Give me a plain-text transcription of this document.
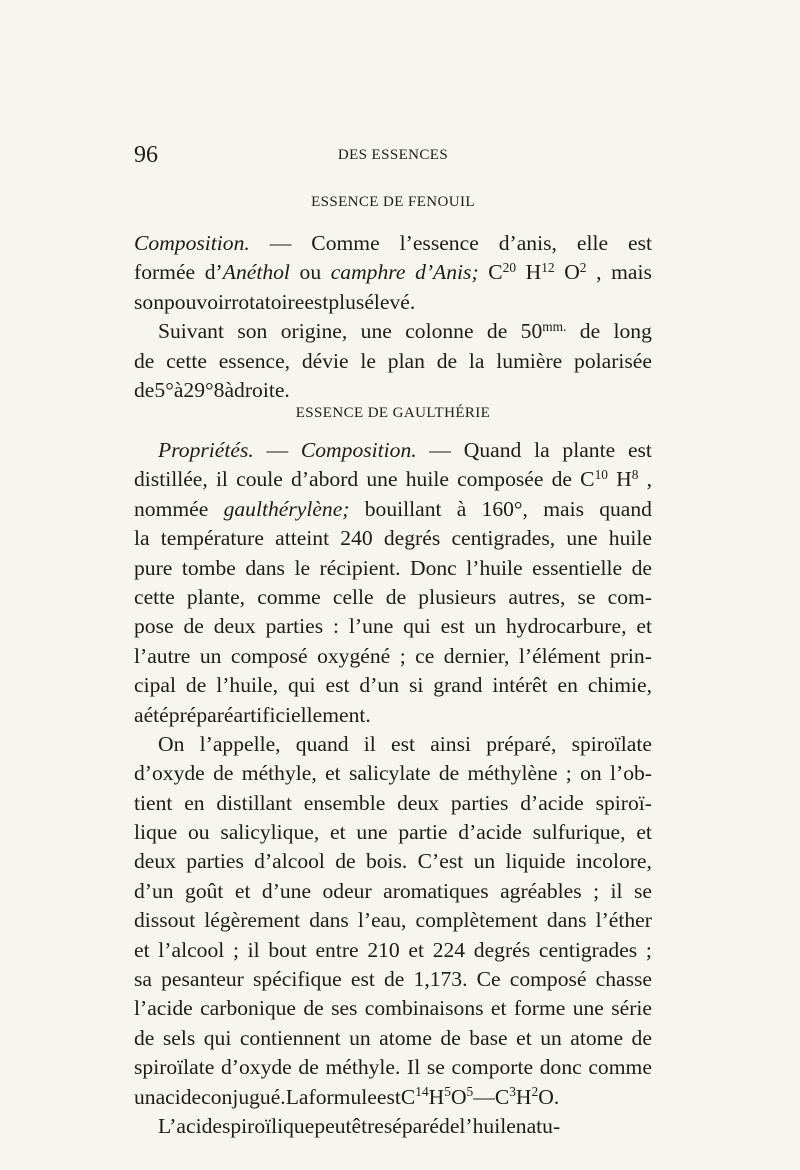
96	DES ESSENCES
ESSENCE DE FENOUIL
Composition. — Comme l’essence d’anis, elle est
formée d’Anéthol ou camphre d’Anis; $C^{20}$ $H^{12}$ $O^2$ , mais
son pouvoir rotatoire est plus élevé.
Suivant son origine, une colonne de $50^{mm.}$ de long
de cette essence, dévie le plan de la lumière polarisée
de 5° à 29°8 à droite.
ESSENCE DE GAULTHÉRIE
Propriétés. — Composition. — Quand la plante est
distillée, il coule d’abord une huile composée de $C^{10}$ $H^8$ ,
nommée gaulthérylène; bouillant à 160°, mais quand
la température atteint 240 degrés centigrades, une huile
pure tombe dans le récipient. Donc l’huile essentielle de
cette plante, comme celle de plusieurs autres, se com-
pose de deux parties : l’une qui est un hydrocarbure, et
l’autre un composé oxygéné ; ce dernier, l’élément prin-
cipal de l’huile, qui est d’un si grand intérêt en chimie,
a été préparé artificiellement.
On l’appelle, quand il est ainsi préparé, spiroïlate
d’oxyde de méthyle, et salicylate de méthylène ; on l’ob-
tient en distillant ensemble deux parties d’acide spiroï-
lique ou salicylique, et une partie d’acide sulfurique, et
deux parties d’alcool de bois. C’est un liquide incolore,
d’un goût et d’une odeur aromatiques agréables ; il se
dissout légèrement dans l’eau, complètement dans l’éther
et l’alcool ; il bout entre 210 et 224 degrés centigrades ;
sa pesanteur spécifique est de 1,173. Ce composé chasse
l’acide carbonique de ses combinaisons et forme une série
de sels qui contiennent un atome de base et un atome de
spiroïlate d’oxyde de méthyle. Il se comporte donc comme
un acide conjugué. La formule est $C^{14}$ $H^5$ $O^5$ — $C^3$ $H^2$ O.
L’acide spiroïlique peut être séparé de l’huile natu-
